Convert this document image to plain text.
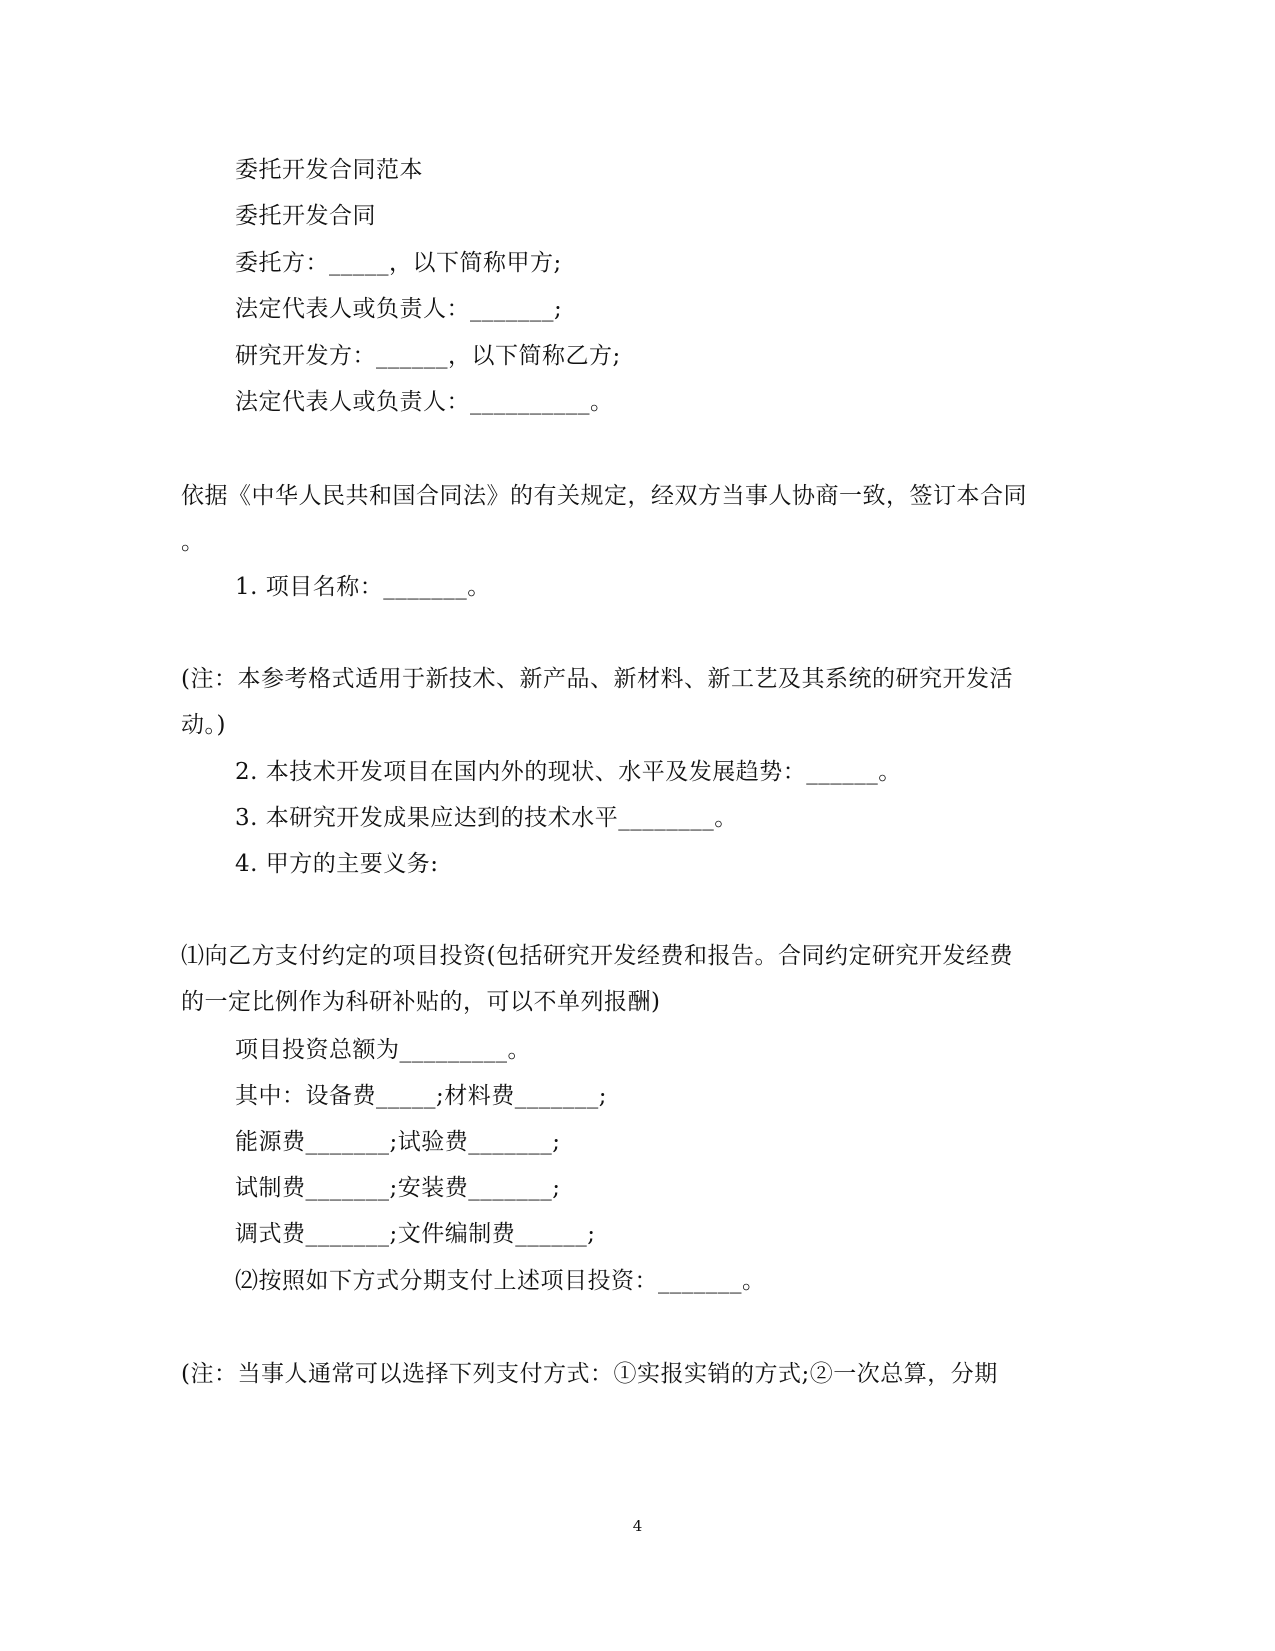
委托开发合同范本
委托开发合同
委托方：_____，以下简称甲方;
法定代表人或负责人：_______;
研究开发方：______，以下简称乙方;
法定代表人或负责人：__________。
依据《中华人民共和国合同法》的有关规定，经双方当事人协商一致，签订本合同
。
1. 项目名称：_______。
(注：本参考格式适用于新技术、新产品、新材料、新工艺及其系统的研究开发活
动。)
2. 本技术开发项目在国内外的现状、水平及发展趋势：______。
3. 本研究开发成果应达到的技术水平________。
4. 甲方的主要义务:
⑴向乙方支付约定的项目投资(包括研究开发经费和报告。合同约定研究开发经费
的一定比例作为科研补贴的，可以不单列报酬)
项目投资总额为_________。
其中：设备费_____;材料费_______;
能源费_______;试验费_______;
试制费_______;安装费_______;
调式费_______;文件编制费______;
⑵按照如下方式分期支付上述项目投资：_______。
(注：当事人通常可以选择下列支付方式：①实报实销的方式;②一次总算，分期
4
